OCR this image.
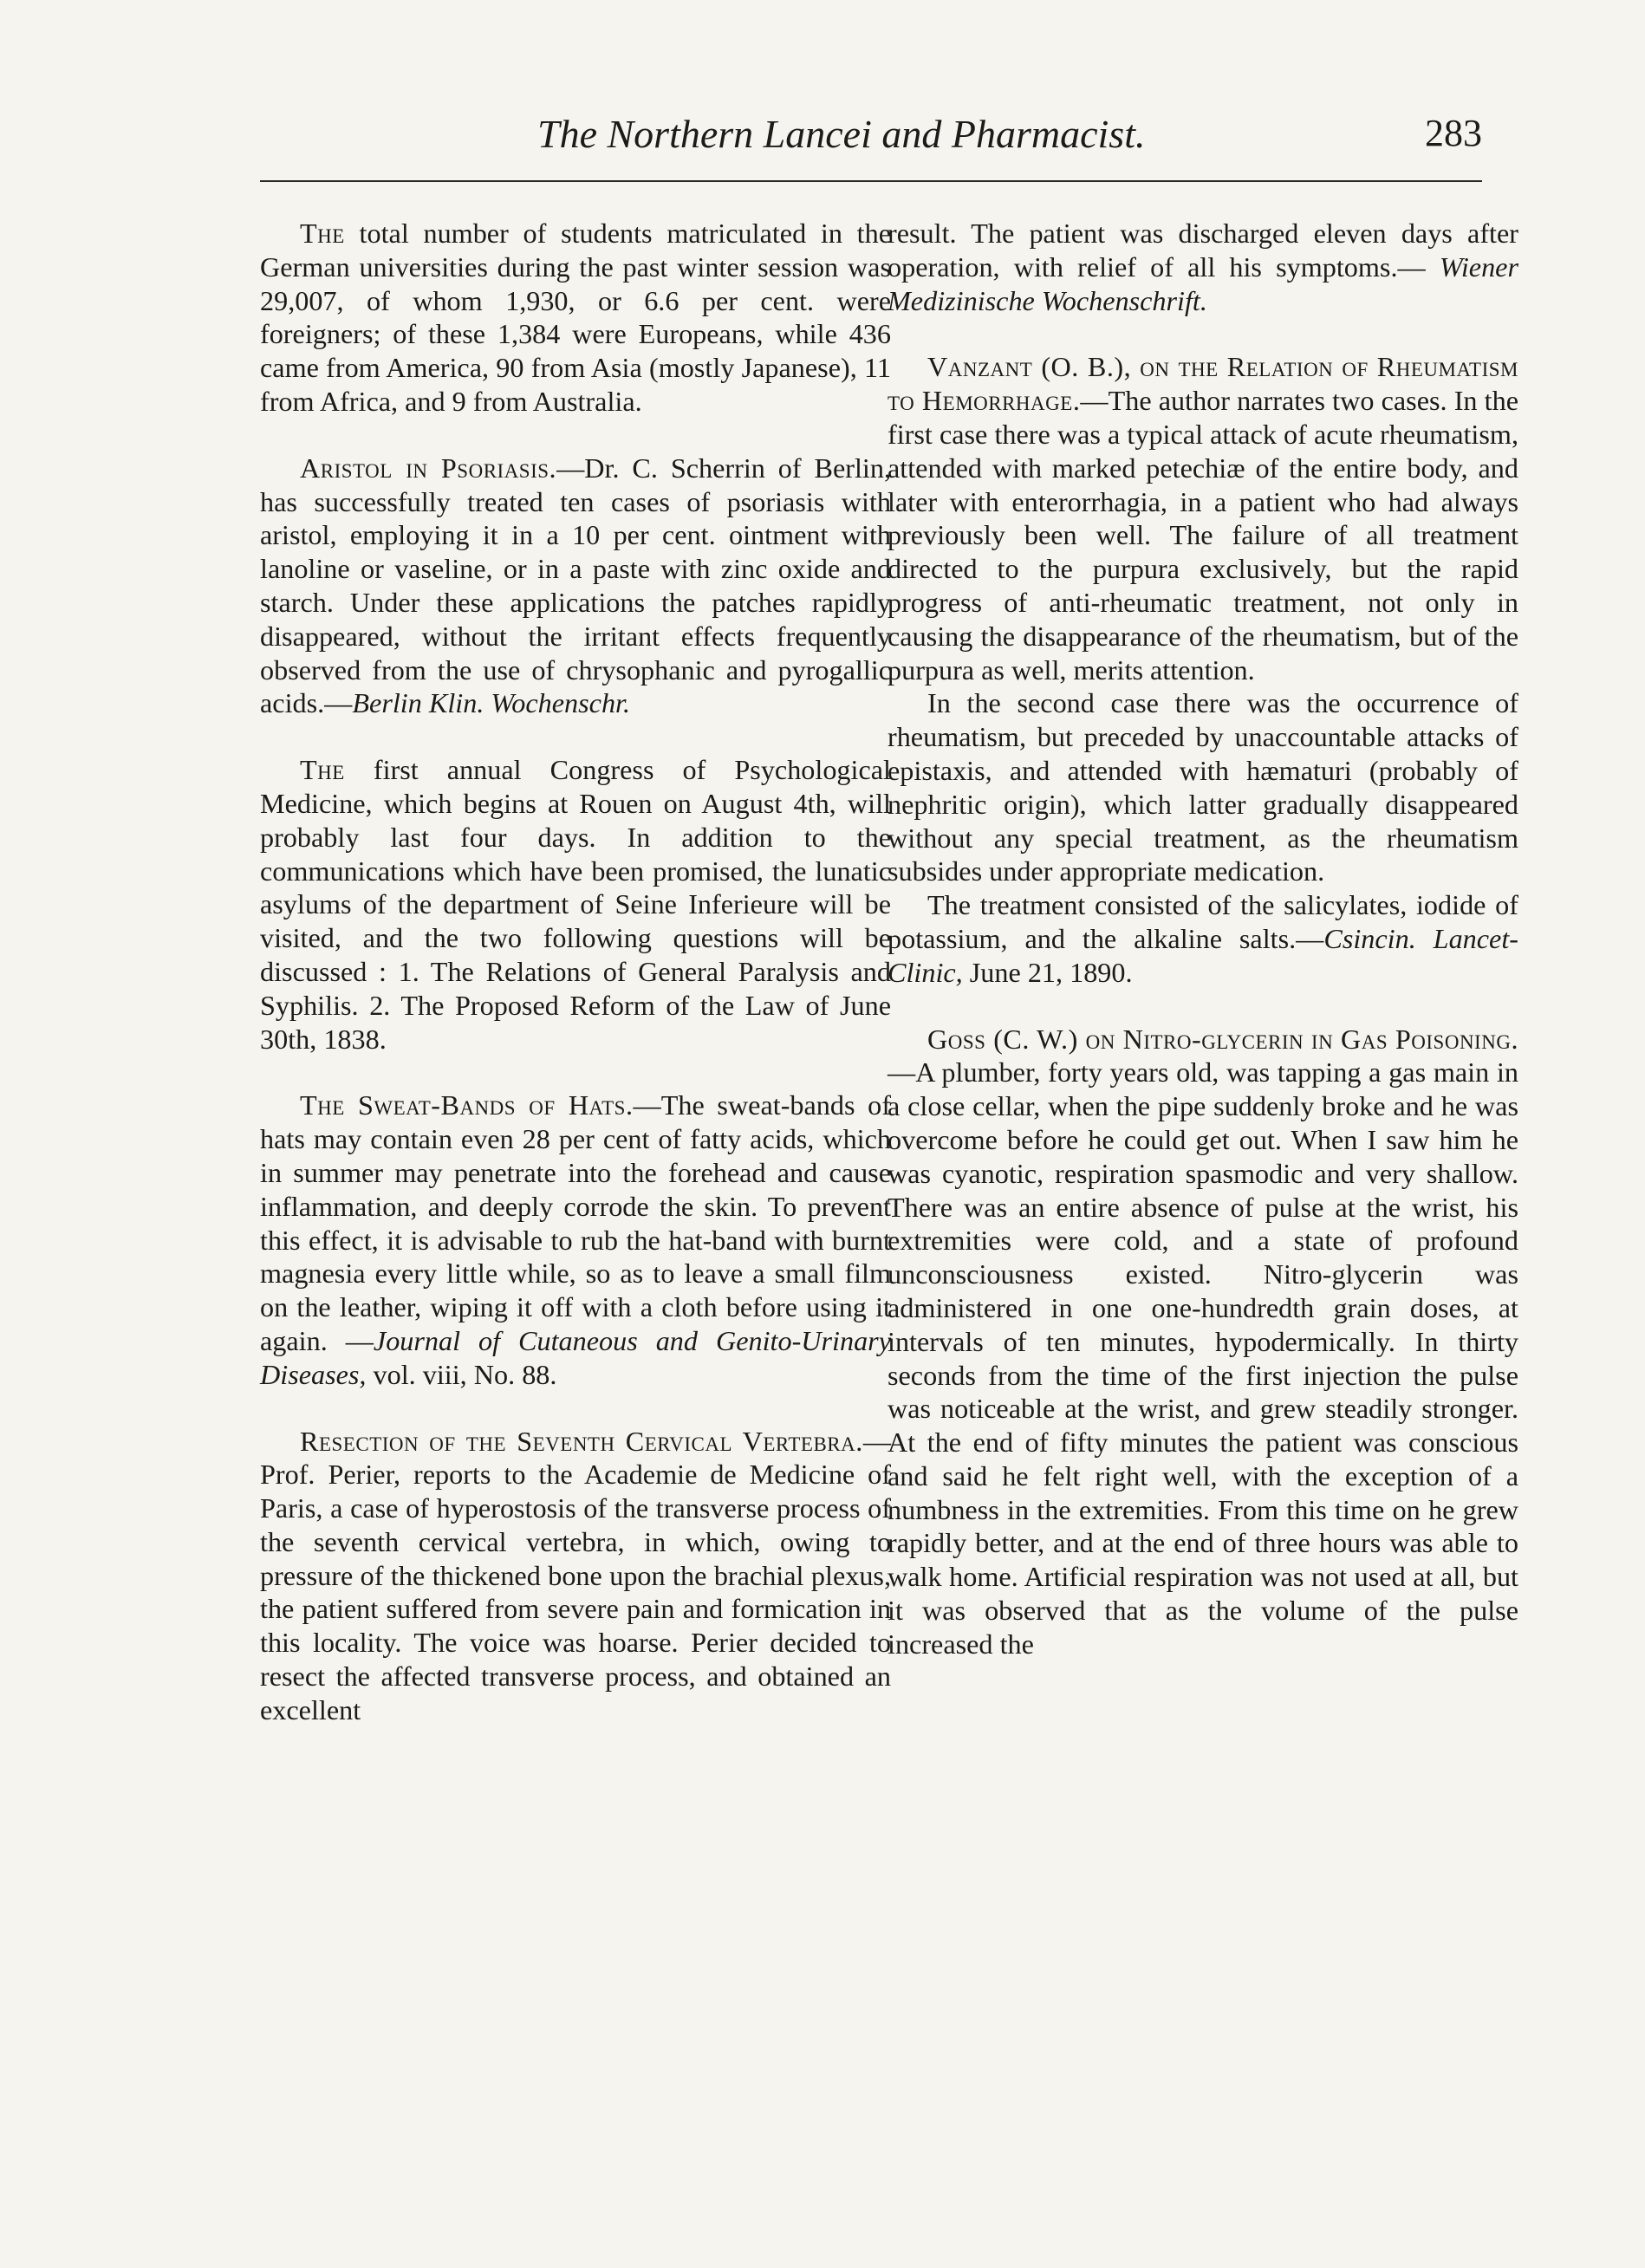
The Northern Lancei and Pharmacist.	283

The total number of students matriculated in the German universities during the past winter session was 29,007, of whom 1,930, or 6.6 per cent. were foreigners; of these 1,384 were Europeans, while 436 came from America, 90 from Asia (mostly Japanese), 11 from Africa, and 9 from Australia.

Aristol in Psoriasis.—Dr. C. Scherrin of Berlin, has successfully treated ten cases of psoriasis with aristol, employing it in a 10 per cent. ointment with lanoline or vaseline, or in a paste with zinc oxide and starch. Under these applications the patches rapidly disappeared, without the irritant effects frequently observed from the use of chrysophanic and pyrogallic acids.—Berlin Klin. Wochenschr.

The first annual Congress of Psychological Medicine, which begins at Rouen on August 4th, will probably last four days. In addition to the communications which have been promised, the lunatic asylums of the department of Seine Inferieure will be visited, and the two following questions will be discussed : 1. The Relations of General Paralysis and Syphilis. 2. The Proposed Reform of the Law of June 30th, 1838.

The Sweat-Bands of Hats.—The sweat-bands of hats may contain even 28 per cent of fatty acids, which in summer may penetrate into the forehead and cause inflammation, and deeply corrode the skin. To prevent this effect, it is advisable to rub the hat-band with burnt magnesia every little while, so as to leave a small film on the leather, wiping it off with a cloth before using it again. —Journal of Cutaneous and Genito-Urinary Diseases, vol. viii, No. 88.

Resection of the Seventh Cervical Vertebra.—Prof. Perier, reports to the Academie de Medicine of Paris, a case of hyperostosis of the transverse process of the seventh cervical vertebra, in which, owing to pressure of the thickened bone upon the brachial plexus, the patient suffered from severe pain and formication in this locality. The voice was hoarse. Perier decided to resect the affected transverse process, and obtained an excellent

result. The patient was discharged eleven days after operation, with relief of all his symptoms.— Wiener Medizinische Wochenschrift.

Vanzant (O. B.), on the Relation of Rheumatism to Hemorrhage.—The author narrates two cases. In the first case there was a typical attack of acute rheumatism, attended with marked petechiæ of the entire body, and later with enterorrhagia, in a patient who had always previously been well. The failure of all treatment directed to the purpura exclusively, but the rapid progress of anti-rheumatic treatment, not only in causing the disappearance of the rheumatism, but of the purpura as well, merits attention.

In the second case there was the occurrence of rheumatism, but preceded by unaccountable attacks of epistaxis, and attended with hæmaturi (probably of nephritic origin), which latter gradually disappeared without any special treatment, as the rheumatism subsides under appropriate medication.

The treatment consisted of the salicylates, iodide of potassium, and the alkaline salts.—Csincin. Lancet-Clinic, June 21, 1890.

Goss (C. W.) on Nitro-glycerin in Gas Poisoning.—A plumber, forty years old, was tapping a gas main in a close cellar, when the pipe suddenly broke and he was overcome before he could get out. When I saw him he was cyanotic, respiration spasmodic and very shallow. There was an entire absence of pulse at the wrist, his extremities were cold, and a state of profound unconsciousness existed. Nitro-glycerin was administered in one one-hundredth grain doses, at intervals of ten minutes, hypodermically. In thirty seconds from the time of the first injection the pulse was noticeable at the wrist, and grew steadily stronger. At the end of fifty minutes the patient was conscious and said he felt right well, with the exception of a numbness in the extremities. From this time on he grew rapidly better, and at the end of three hours was able to walk home. Artificial respiration was not used at all, but it was observed that as the volume of the pulse increased the
